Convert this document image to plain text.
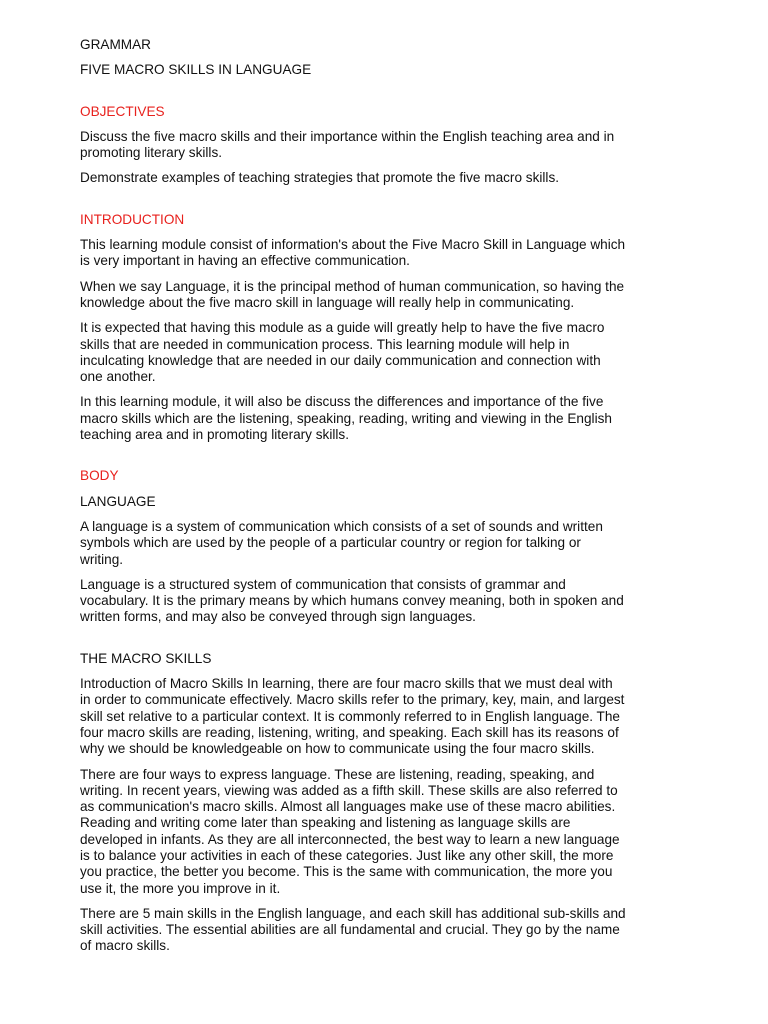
GRAMMAR
FIVE MACRO SKILLS IN LANGUAGE
OBJECTIVES

Discuss the five macro skills and their importance within the English teaching area and in

promoting literary skills.

Demonstrate examples of teaching strategies that promote the five macro skills.

INTRODUCTION

This learning module consist of information's about the Five Macro Skill in Language which

is very important in having an effective communication.

When we say Language, it is the principal method of human communication, so having the

knowledge about the five macro skill in language will really help in communicating.

It is expected that having this module as a guide will greatly help to have the five macro

skills that are needed in communication process. This learning module will help in

inculcating knowledge that are needed in our daily communication and connection with

one another.

In this learning module, it will also be discuss the differences and importance of the five

macro skills which are the listening, speaking, reading, writing and viewing in the English

teaching area and in promoting literary skills.

BODY
LANGUAGE

A language is a system of communication which consists of a set of sounds and written

symbols which are used by the people of a particular country or region for talking or

writing.

Language is a structured system of communication that consists of grammar and

vocabulary. It is the primary means by which humans convey meaning, both in spoken and

written forms, and may also be conveyed through sign languages.

THE MACRO SKILLS

Introduction of Macro Skills In learning, there are four macro skills that we must deal with

in order to communicate effectively. Macro skills refer to the primary, key, main, and largest

skill set relative to a particular context. It is commonly referred to in English language. The

four macro skills are reading, listening, writing, and speaking. Each skill has its reasons of

why we should be knowledgeable on how to communicate using the four macro skills.

There are four ways to express language. These are listening, reading, speaking, and

writing. In recent years, viewing was added as a fifth skill. These skills are also referred to

as communication's macro skills. Almost all languages make use of these macro abilities.

Reading and writing come later than speaking and listening as language skills are

developed in infants. As they are all interconnected, the best way to learn a new language

is to balance your activities in each of these categories. Just like any other skill, the more

you practice, the better you become. This is the same with communication, the more you

use it, the more you improve in it.

There are 5 main skills in the English language, and each skill has additional sub-skills and

skill activities. The essential abilities are all fundamental and crucial. They go by the name

of macro skills.
